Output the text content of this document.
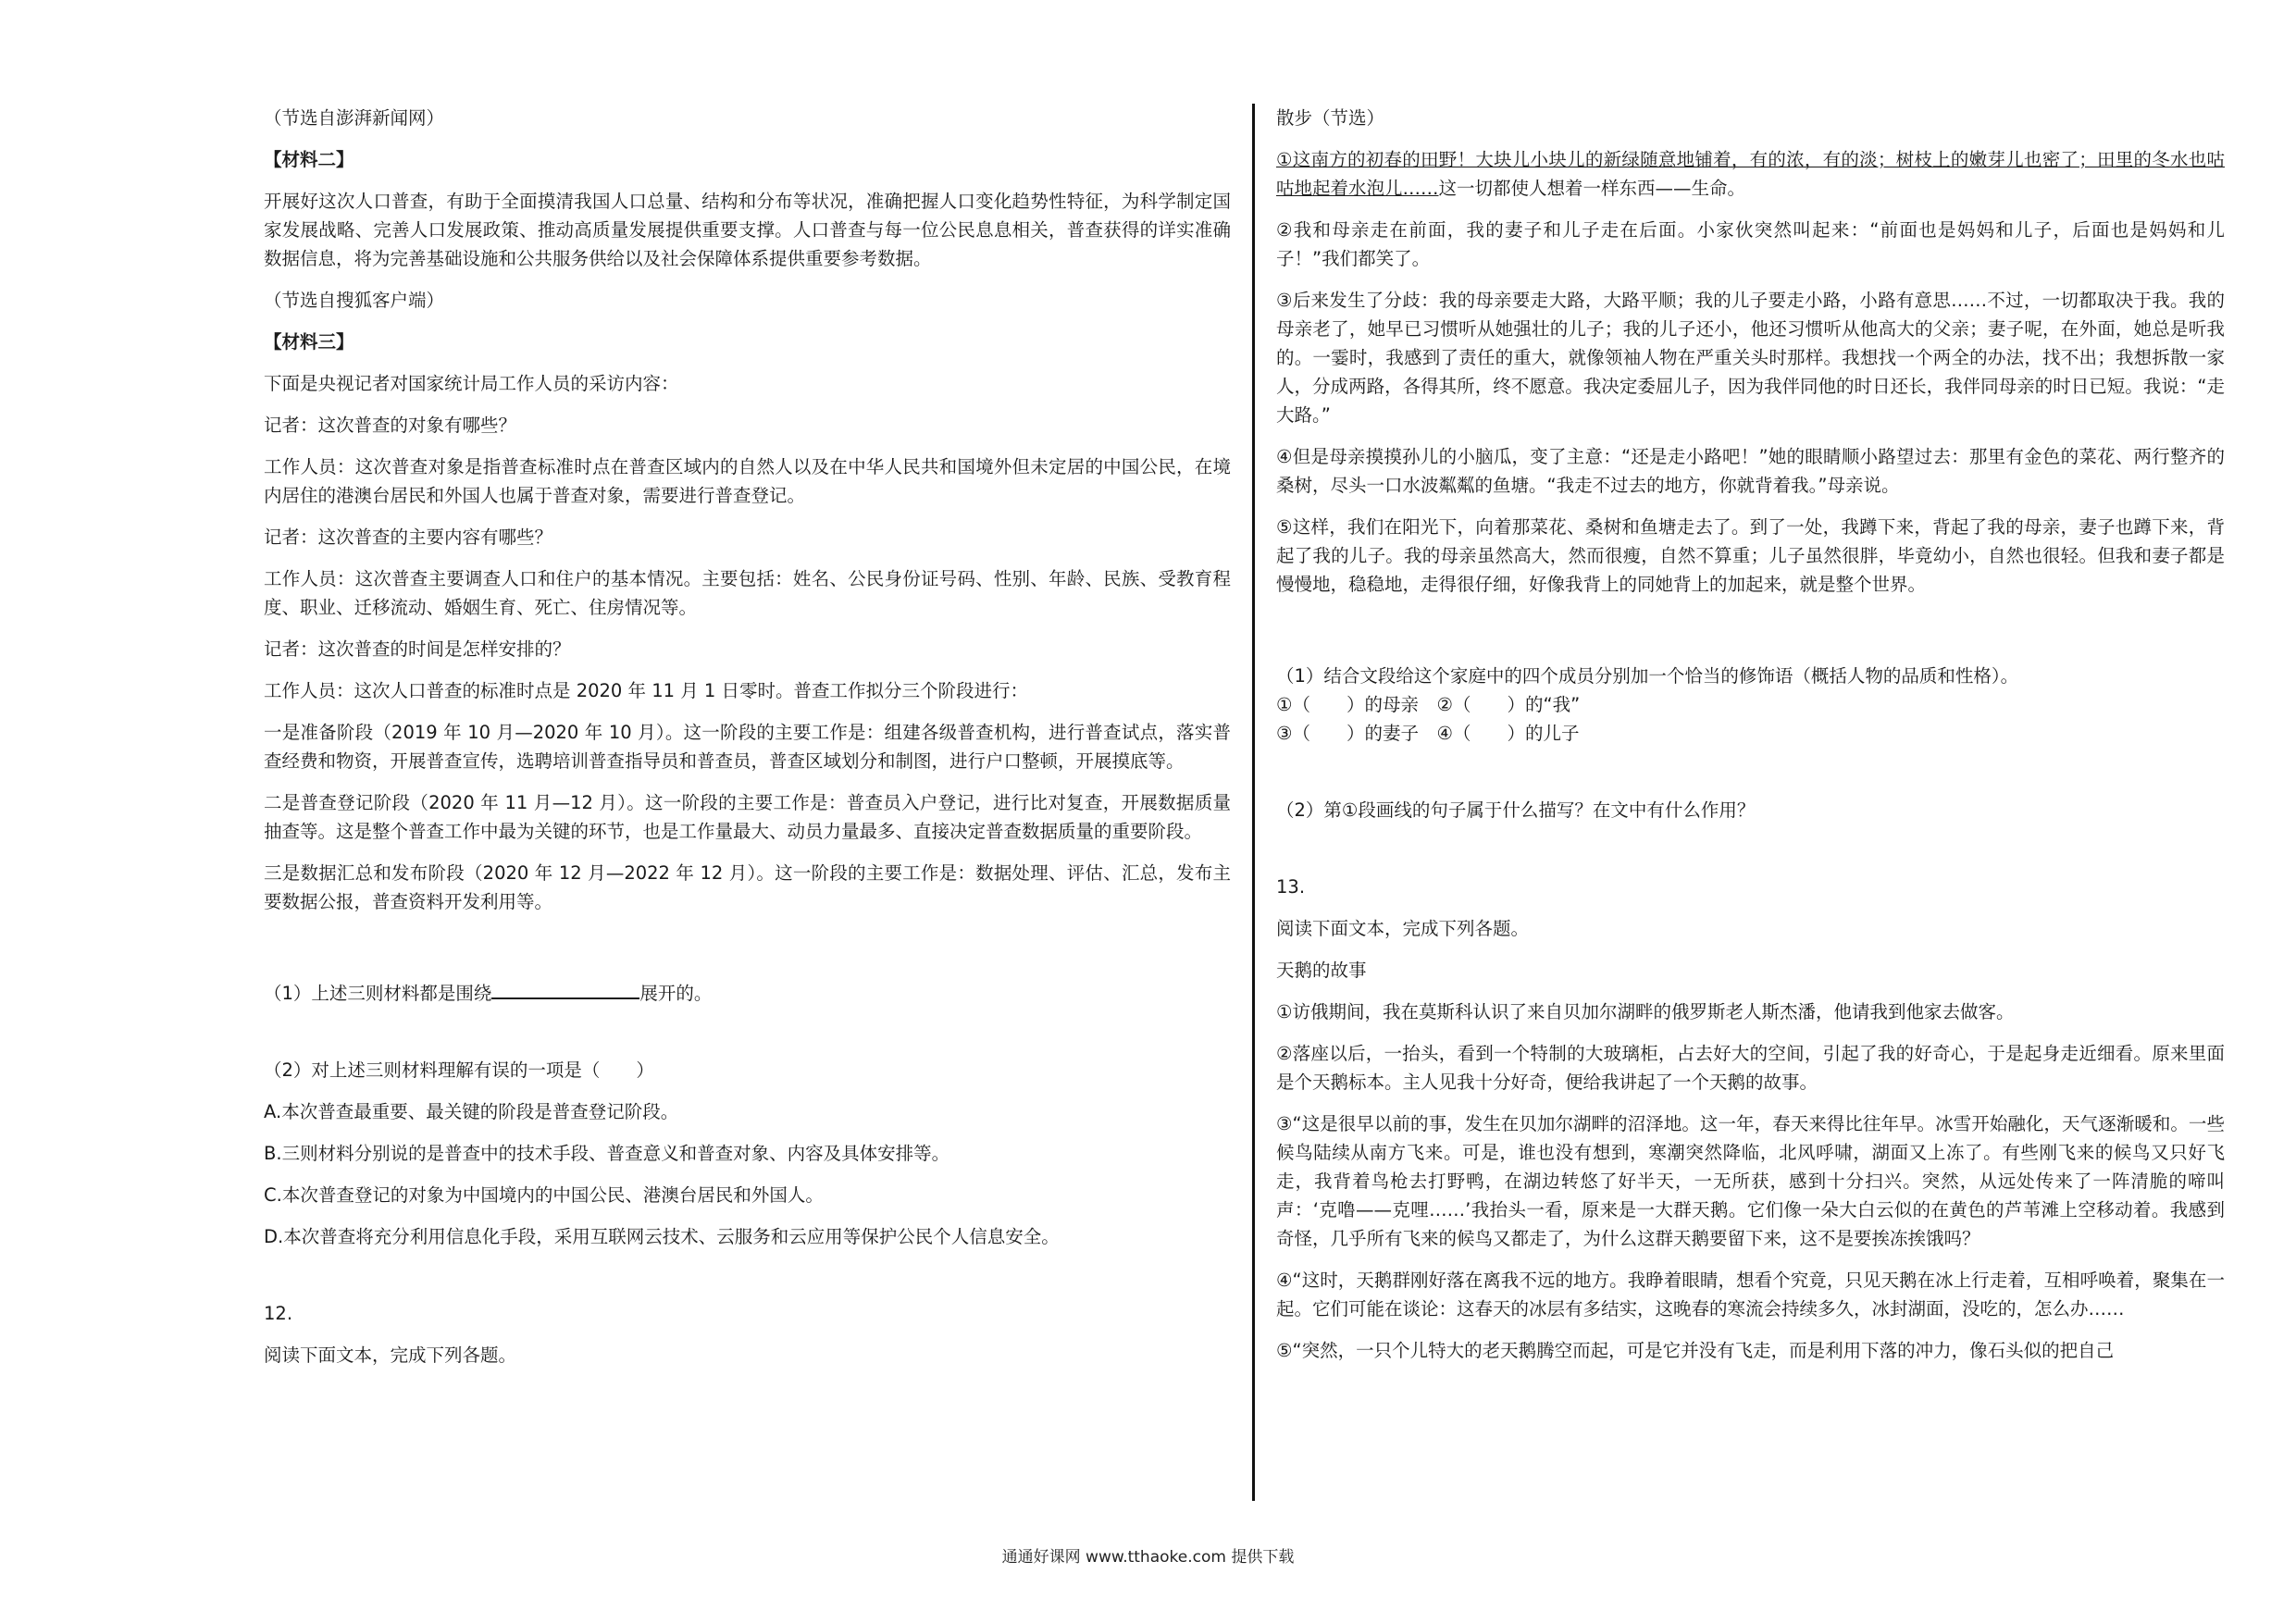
（节选自澎湃新闻网）

【材料二】

开展好这次人口普查，有助于全面摸清我国人口总量、结构和分布等状况，准确把握人口变化趋势性特征，为科学制定国家发展战略、完善人口发展政策、推动高质量发展提供重要支撑。人口普查与每一位公民息息相关，普查获得的详实准确数据信息，将为完善基础设施和公共服务供给以及社会保障体系提供重要参考数据。

（节选自搜狐客户端）

【材料三】

下面是央视记者对国家统计局工作人员的采访内容：

记者：这次普查的对象有哪些？

工作人员：这次普查对象是指普查标准时点在普查区域内的自然人以及在中华人民共和国境外但未定居的中国公民，在境内居住的港澳台居民和外国人也属于普查对象，需要进行普查登记。

记者：这次普查的主要内容有哪些？

工作人员：这次普查主要调查人口和住户的基本情况。主要包括：姓名、公民身份证号码、性别、年龄、民族、受教育程度、职业、迁移流动、婚姻生育、死亡、住房情况等。

记者：这次普查的时间是怎样安排的？

工作人员：这次人口普查的标准时点是 2020 年 11 月 1 日零时。普查工作拟分三个阶段进行：

一是准备阶段（2019 年 10 月—2020 年 10 月）。这一阶段的主要工作是：组建各级普查机构，进行普查试点，落实普查经费和物资，开展普查宣传，选聘培训普查指导员和普查员，普查区域划分和制图，进行户口整顿，开展摸底等。

二是普查登记阶段（2020 年 11 月—12 月）。这一阶段的主要工作是：普查员入户登记，进行比对复查，开展数据质量抽查等。这是整个普查工作中最为关键的环节，也是工作量最大、动员力量最多、直接决定普查数据质量的重要阶段。

三是数据汇总和发布阶段（2020 年 12 月—2022 年 12 月）。这一阶段的主要工作是：数据处理、评估、汇总，发布主要数据公报，普查资料开发利用等。

（1）上述三则材料都是围绕	展开的。

（2）对上述三则材料理解有误的一项是（　　）

A.本次普查最重要、最关键的阶段是普查登记阶段。

B.三则材料分别说的是普查中的技术手段、普查意义和普查对象、内容及具体安排等。

C.本次普查登记的对象为中国境内的中国公民、港澳台居民和外国人。

D.本次普查将充分利用信息化手段，采用互联网云技术、云服务和云应用等保护公民个人信息安全。

12.

阅读下面文本，完成下列各题。

散步（节选）

①这南方的初春的田野！大块儿小块儿的新绿随意地铺着，有的浓，有的淡；树枝上的嫩芽儿也密了；田里的冬水也咕咕地起着水泡儿……这一切都使人想着一样东西——生命。

②我和母亲走在前面，我的妻子和儿子走在后面。小家伙突然叫起来：“前面也是妈妈和儿子，后面也是妈妈和儿子！”我们都笑了。

③后来发生了分歧：我的母亲要走大路，大路平顺；我的儿子要走小路，小路有意思……不过，一切都取决于我。我的母亲老了，她早已习惯听从她强壮的儿子；我的儿子还小，他还习惯听从他高大的父亲；妻子呢，在外面，她总是听我的。一霎时，我感到了责任的重大，就像领袖人物在严重关头时那样。我想找一个两全的办法，找不出；我想拆散一家人，分成两路，各得其所，终不愿意。我决定委屈儿子，因为我伴同他的时日还长，我伴同母亲的时日已短。我说：“走大路。”

④但是母亲摸摸孙儿的小脑瓜，变了主意：“还是走小路吧！”她的眼睛顺小路望过去：那里有金色的菜花、两行整齐的桑树，尽头一口水波粼粼的鱼塘。“我走不过去的地方，你就背着我。”母亲说。

⑤这样，我们在阳光下，向着那菜花、桑树和鱼塘走去了。到了一处，我蹲下来，背起了我的母亲，妻子也蹲下来，背起了我的儿子。我的母亲虽然高大，然而很瘦，自然不算重；儿子虽然很胖，毕竟幼小，自然也很轻。但我和妻子都是慢慢地，稳稳地，走得很仔细，好像我背上的同她背上的加起来，就是整个世界。

（1）结合文段给这个家庭中的四个成员分别加一个恰当的修饰语（概括人物的品质和性格）。

①（　　）的母亲　②（　　）的“我”

③（　　）的妻子　④（　　）的儿子

（2）第①段画线的句子属于什么描写？在文中有什么作用？

13.

阅读下面文本，完成下列各题。

天鹅的故事

①访俄期间，我在莫斯科认识了来自贝加尔湖畔的俄罗斯老人斯杰潘，他请我到他家去做客。

②落座以后，一抬头，看到一个特制的大玻璃柜，占去好大的空间，引起了我的好奇心，于是起身走近细看。原来里面是个天鹅标本。主人见我十分好奇，便给我讲起了一个天鹅的故事。

③“这是很早以前的事，发生在贝加尔湖畔的沼泽地。这一年，春天来得比往年早。冰雪开始融化，天气逐渐暖和。一些候鸟陆续从南方飞来。可是，谁也没有想到，寒潮突然降临，北风呼啸，湖面又上冻了。有些刚飞来的候鸟又只好飞走，我背着鸟枪去打野鸭，在湖边转悠了好半天，一无所获，感到十分扫兴。突然，从远处传来了一阵清脆的啼叫声：‘克噜——克哩……’我抬头一看，原来是一大群天鹅。它们像一朵大白云似的在黄色的芦苇滩上空移动着。我感到奇怪，几乎所有飞来的候鸟又都走了，为什么这群天鹅要留下来，这不是要挨冻挨饿吗？

④“这时，天鹅群刚好落在离我不远的地方。我睁着眼睛，想看个究竟，只见天鹅在冰上行走着，互相呼唤着，聚集在一起。它们可能在谈论：这春天的冰层有多结实，这晚春的寒流会持续多久，冰封湖面，没吃的，怎么办……

⑤“突然，一只个儿特大的老天鹅腾空而起，可是它并没有飞走，而是利用下落的冲力，像石头似的把自己

通通好课网 www.tthaoke.com 提供下载
